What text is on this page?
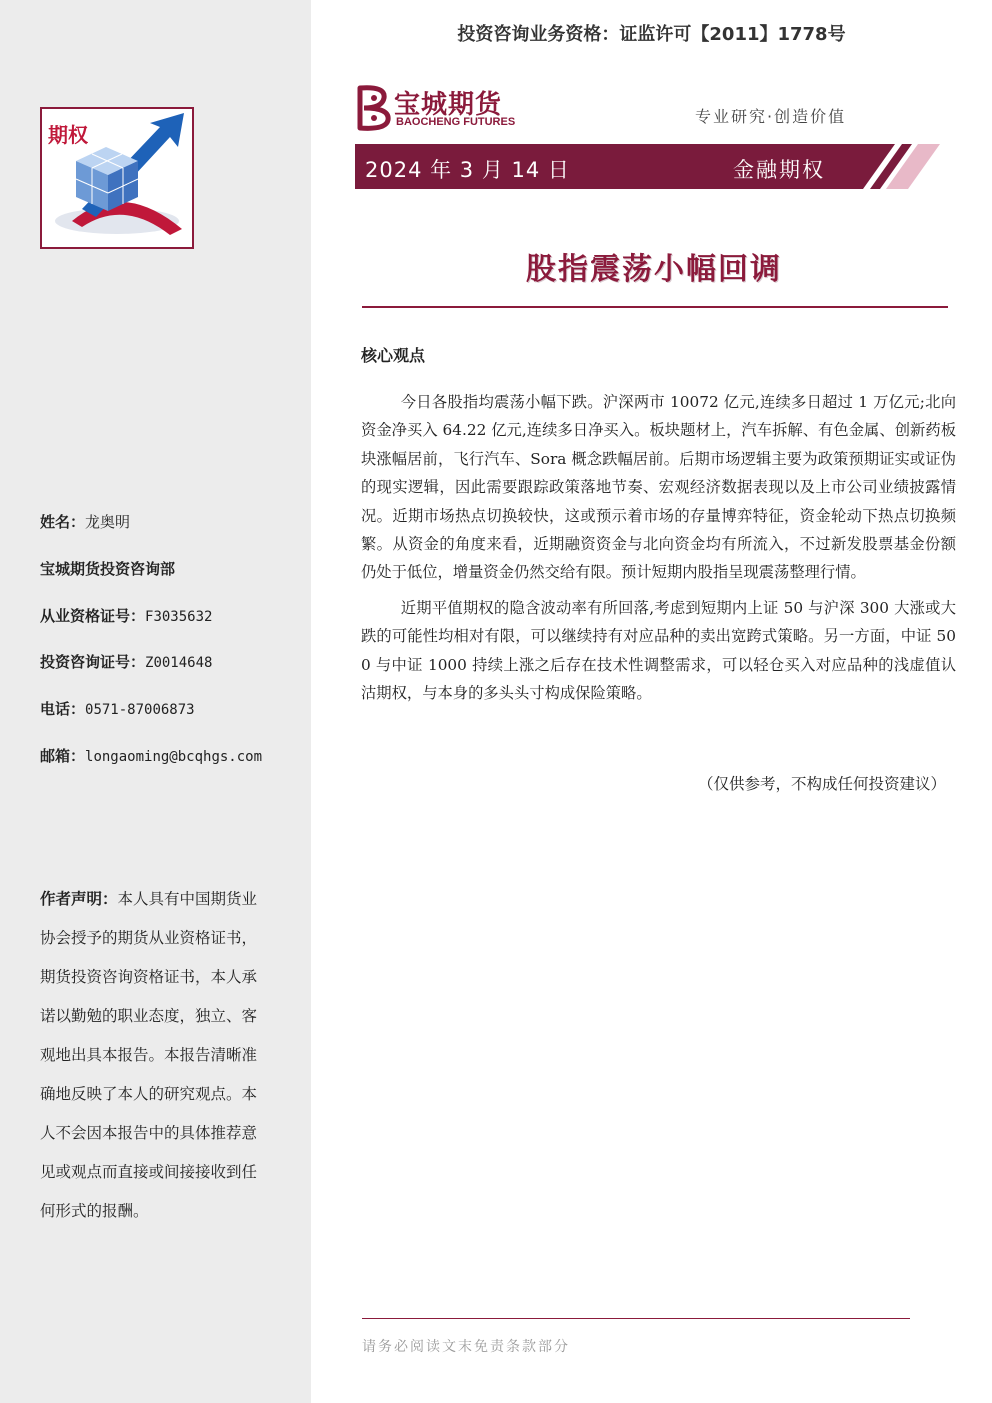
期权
姓名：龙奥明
宝城期货投资咨询部
从业资格证号：F3035632
投资咨询证号：Z0014648
电话：0571-87006873
邮箱：longaoming@bcqhgs.com
作者声明：本人具有中国期货业协会授予的期货从业资格证书，期货投资咨询资格证书，本人承诺以勤勉的职业态度，独立、客观地出具本报告。本报告清晰准确地反映了本人的研究观点。本人不会因本报告中的具体推荐意见或观点而直接或间接接收到任何形式的报酬。
投资咨询业务资格：证监许可【2011】1778号
宝城期货
BAOCHENG FUTURES	专业研究·创造价值
2024 年 3 月 14 日	金融期权
股指震荡小幅回调
核心观点

今日各股指均震荡小幅下跌。沪深两市 10072 亿元,连续多日超过 1 万亿元;北向资金净买入 64.22 亿元,连续多日净买入。板块题材上，汽车拆解、有色金属、创新药板块涨幅居前，飞行汽车、Sora 概念跌幅居前。后期市场逻辑主要为政策预期证实或证伪的现实逻辑，因此需要跟踪政策落地节奏、宏观经济数据表现以及上市公司业绩披露情况。近期市场热点切换较快，这或预示着市场的存量博弈特征，资金轮动下热点切换频繁。从资金的角度来看，近期融资资金与北向资金均有所流入，不过新发股票基金份额仍处于低位，增量资金仍然交给有限。预计短期内股指呈现震荡整理行情。

近期平值期权的隐含波动率有所回落,考虑到短期内上证 50 与沪深 300 大涨或大跌的可能性均相对有限，可以继续持有对应品种的卖出宽跨式策略。另一方面，中证 500 与中证 1000 持续上涨之后存在技术性调整需求，可以轻仓买入对应品种的浅虚值认沽期权，与本身的多头头寸构成保险策略。

（仅供参考，不构成任何投资建议）
请务必阅读文末免责条款部分
